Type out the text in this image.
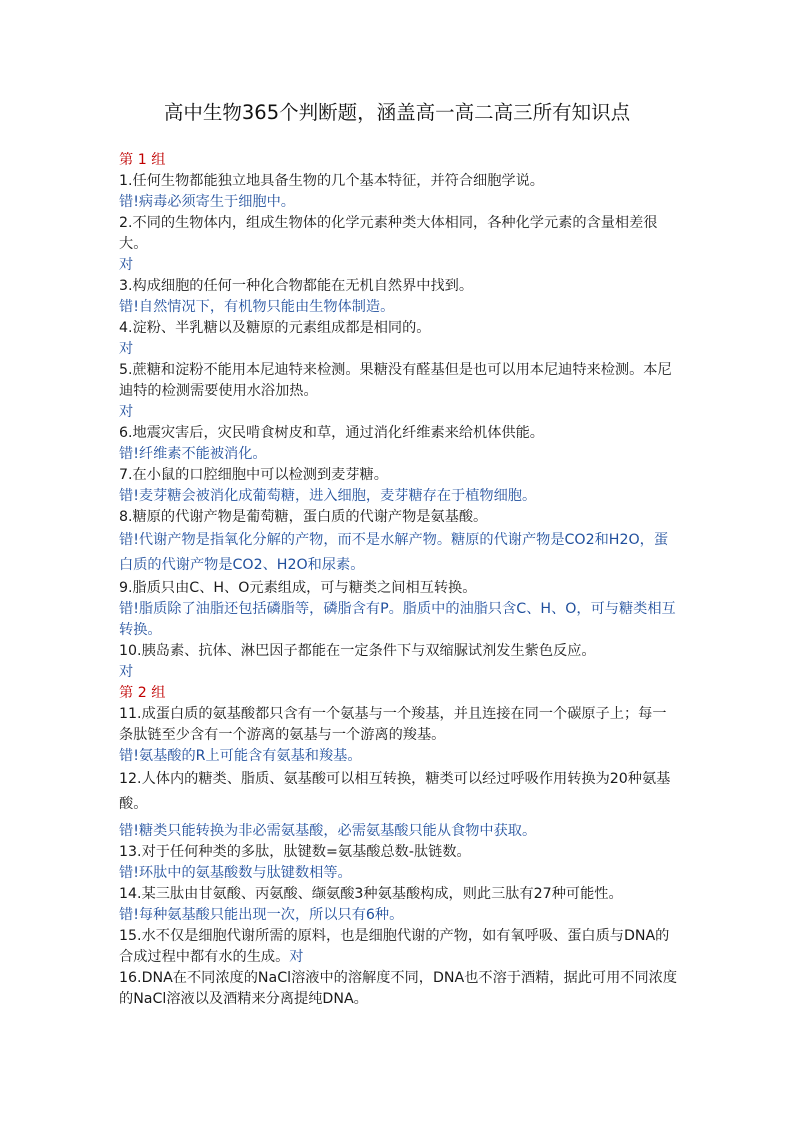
高中生物365个判断题，涵盖高一高二高三所有知识点

第 1 组

1.任何生物都能独立地具备生物的几个基本特征，并符合细胞学说。

错!病毒必须寄生于细胞中。

2.不同的生物体内，组成生物体的化学元素种类大体相同，各种化学元素的含量相差很大。

对

3.构成细胞的任何一种化合物都能在无机自然界中找到。

错!自然情况下，有机物只能由生物体制造。

4.淀粉、半乳糖以及糖原的元素组成都是相同的。

对

5.蔗糖和淀粉不能用本尼迪特来检测。果糖没有醛基但是也可以用本尼迪特来检测。本尼迪特的检测需要使用水浴加热。

对

6.地震灾害后，灾民啃食树皮和草，通过消化纤维素来给机体供能。

错!纤维素不能被消化。

7.在小鼠的口腔细胞中可以检测到麦芽糖。

错!麦芽糖会被消化成葡萄糖，进入细胞，麦芽糖存在于植物细胞。

8.糖原的代谢产物是葡萄糖，蛋白质的代谢产物是氨基酸。

错!代谢产物是指氧化分解的产物，而不是水解产物。糖原的代谢产物是CO2和H2O，蛋白质的代谢产物是CO2、H2O和尿素。

9.脂质只由C、H、O元素组成，可与糖类之间相互转换。

错!脂质除了油脂还包括磷脂等，磷脂含有P。脂质中的油脂只含C、H、O，可与糖类相互转换。

10.胰岛素、抗体、淋巴因子都能在一定条件下与双缩脲试剂发生紫色反应。

对

第 2 组

11.成蛋白质的氨基酸都只含有一个氨基与一个羧基，并且连接在同一个碳原子上；每一条肽链至少含有一个游离的氨基与一个游离的羧基。

错!氨基酸的R上可能含有氨基和羧基。

12.人体内的糖类、脂质、氨基酸可以相互转换，糖类可以经过呼吸作用转换为20种氨基酸。

错!糖类只能转换为非必需氨基酸，必需氨基酸只能从食物中获取。

13.对于任何种类的多肽，肽键数=氨基酸总数-肽链数。

错!环肽中的氨基酸数与肽键数相等。

14.某三肽由甘氨酸、丙氨酸、缬氨酸3种氨基酸构成，则此三肽有27种可能性。

错!每种氨基酸只能出现一次，所以只有6种。

15.水不仅是细胞代谢所需的原料，也是细胞代谢的产物，如有氧呼吸、蛋白质与DNA的合成过程中都有水的生成。对

16.DNA在不同浓度的NaCl溶液中的溶解度不同，DNA也不溶于酒精，据此可用不同浓度的NaCl溶液以及酒精来分离提纯DNA。
